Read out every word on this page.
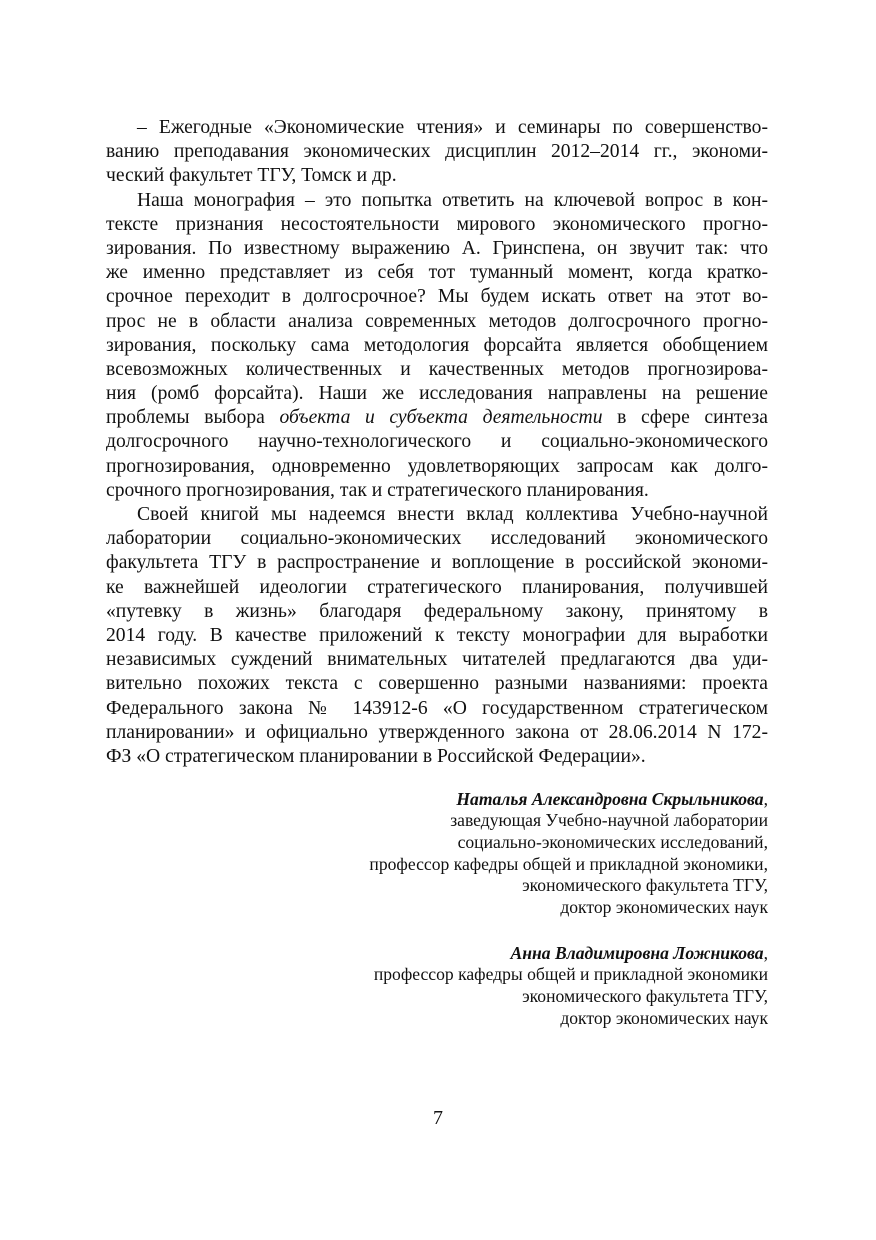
– Ежегодные «Экономические чтения» и семинары по совершенство-
ванию преподавания экономических дисциплин 2012–2014 гг., экономи-
ческий факультет ТГУ, Томск и др.
Наша монография – это попытка ответить на ключевой вопрос в кон-
тексте признания несостоятельности мирового экономического прогно-
зирования. По известному выражению А. Гринспена, он звучит так: что
же именно представляет из себя тот туманный момент, когда кратко-
срочное переходит в долгосрочное? Мы будем искать ответ на этот во-
прос не в области анализа современных методов долгосрочного прогно-
зирования, поскольку сама методология форсайта является обобщением
всевозможных количественных и качественных методов прогнозирова-
ния (ромб форсайта). Наши же исследования направлены на решение
проблемы выбора объекта и субъекта деятельности в сфере синтеза
долгосрочного научно-технологического и социально-экономического
прогнозирования, одновременно удовлетворяющих запросам как долго-
срочного прогнозирования, так и стратегического планирования.
Своей книгой мы надеемся внести вклад коллектива Учебно-научной
лаборатории социально-экономических исследований экономического
факультета ТГУ в распространение и воплощение в российской экономи-
ке важнейшей идеологии стратегического планирования, получившей
«путевку в жизнь» благодаря федеральному закону, принятому в
2014 году. В качестве приложений к тексту монографии для выработки
независимых суждений внимательных читателей предлагаются два уди-
вительно похожих текста с совершенно разными названиями: проекта
Федерального закона № 143912-6 «О государственном стратегическом
планировании» и официально утвержденного закона от 28.06.2014 N 172-
ФЗ «О стратегическом планировании в Российской Федерации».
Наталья Александровна Скрыльникова,
заведующая Учебно-научной лаборатории
социально-экономических исследований,
профессор кафедры общей и прикладной экономики,
экономического факультета ТГУ,
доктор экономических наук
Анна Владимировна Ложникова,
профессор кафедры общей и прикладной экономики
экономического факультета ТГУ,
доктор экономических наук
7
